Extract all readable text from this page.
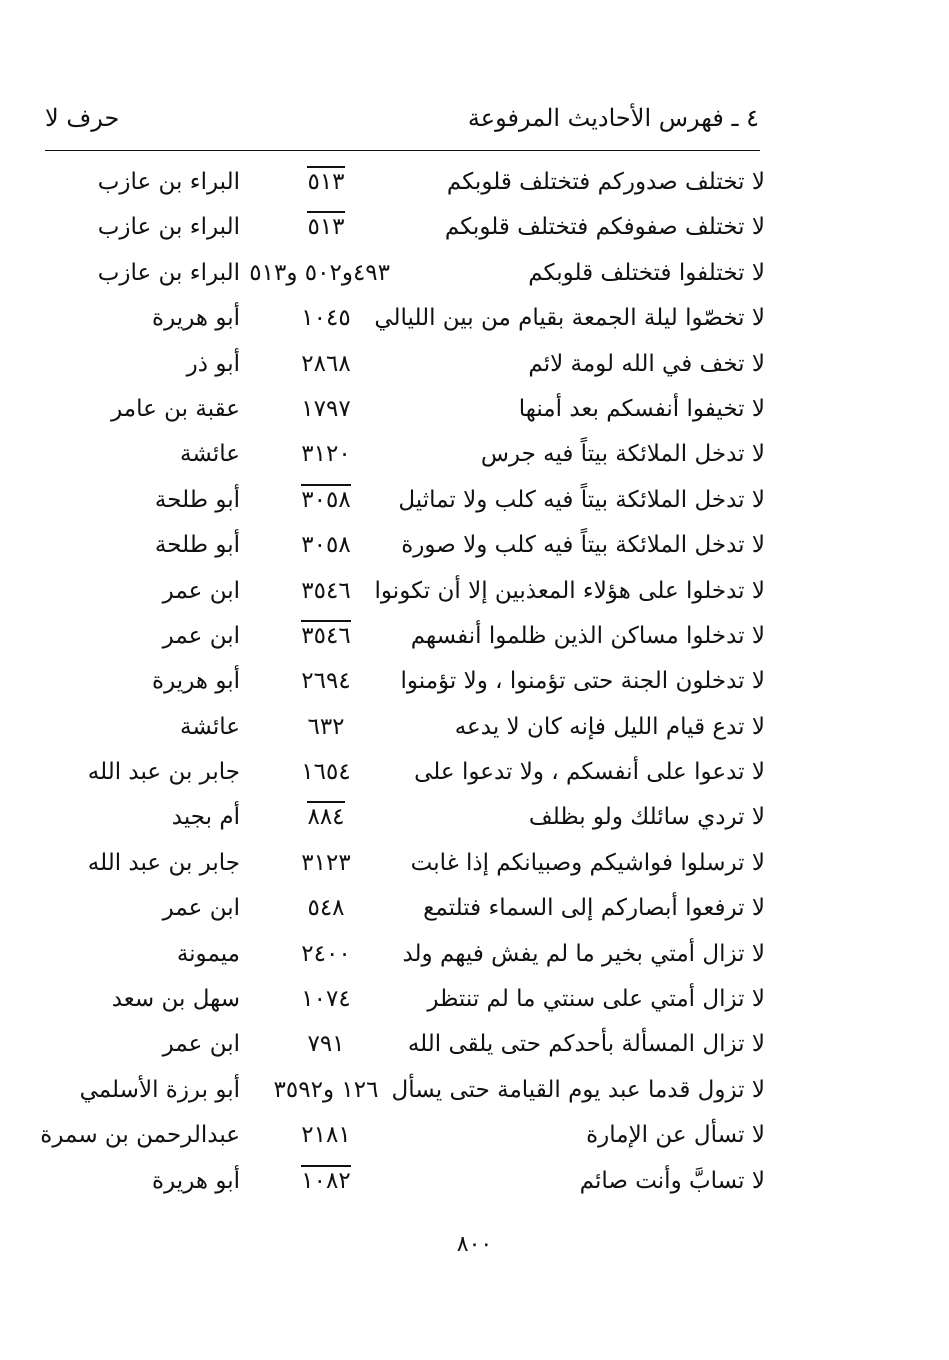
٤ ـ فهرس الأحاديث المرفوعة
حرف لا
لا تختلف صدوركم فتختلف قلوبكم
٥١٣
البراء بن عازب
لا تختلف صفوفكم فتختلف قلوبكم
٥١٣
البراء بن عازب
لا تختلفوا فتختلف قلوبكم
٤٩٣و٥٠٢ و٥١٣
البراء بن عازب
لا تخصّوا ليلة الجمعة بقيام من بين الليالي
١٠٤٥
أبو هريرة
لا تخف في الله لومة لائم
٢٨٦٨
أبو ذر
لا تخيفوا أنفسكم بعد أمنها
١٧٩٧
عقبة بن عامر
لا تدخل الملائكة بيتاً فيه جرس
٣١٢٠
عائشة
لا تدخل الملائكة بيتاً فيه كلب ولا تماثيل
٣٠٥٨
أبو طلحة
لا تدخل الملائكة بيتاً فيه كلب ولا صورة
٣٠٥٨
أبو طلحة
لا تدخلوا على هؤلاء المعذبين إلا أن تكونوا
٣٥٤٦
ابن عمر
لا تدخلوا مساكن الذين ظلموا أنفسهم
٣٥٤٦
ابن عمر
لا تدخلون الجنة حتى تؤمنوا ، ولا تؤمنوا
٢٦٩٤
أبو هريرة
لا تدع قيام الليل فإنه كان لا يدعه
٦٣٢
عائشة
لا تدعوا على أنفسكم ، ولا تدعوا على
١٦٥٤
جابر بن عبد الله
لا تردي سائلك ولو بظلف
٨٨٤
أم بجيد
لا ترسلوا فواشيكم وصبيانكم إذا غابت
٣١٢٣
جابر بن عبد الله
لا ترفعوا أبصاركم إلى السماء فتلتمع
٥٤٨
ابن عمر
لا تزال أمتي بخير ما لم يفش فيهم ولد
٢٤٠٠
ميمونة
لا تزال أمتي على سنتي ما لم تنتظر
١٠٧٤
سهل بن سعد
لا تزال المسألة بأحدكم حتى يلقى الله
٧٩١
ابن عمر
لا تزول قدما عبد يوم القيامة حتى يسأل
١٢٦ و٣٥٩٢
أبو برزة الأسلمي
لا تسأل عن الإمارة
٢١٨١
عبدالرحمن بن سمرة
لا تسابَّ وأنت صائم
١٠٨٢
أبو هريرة
٨٠٠
